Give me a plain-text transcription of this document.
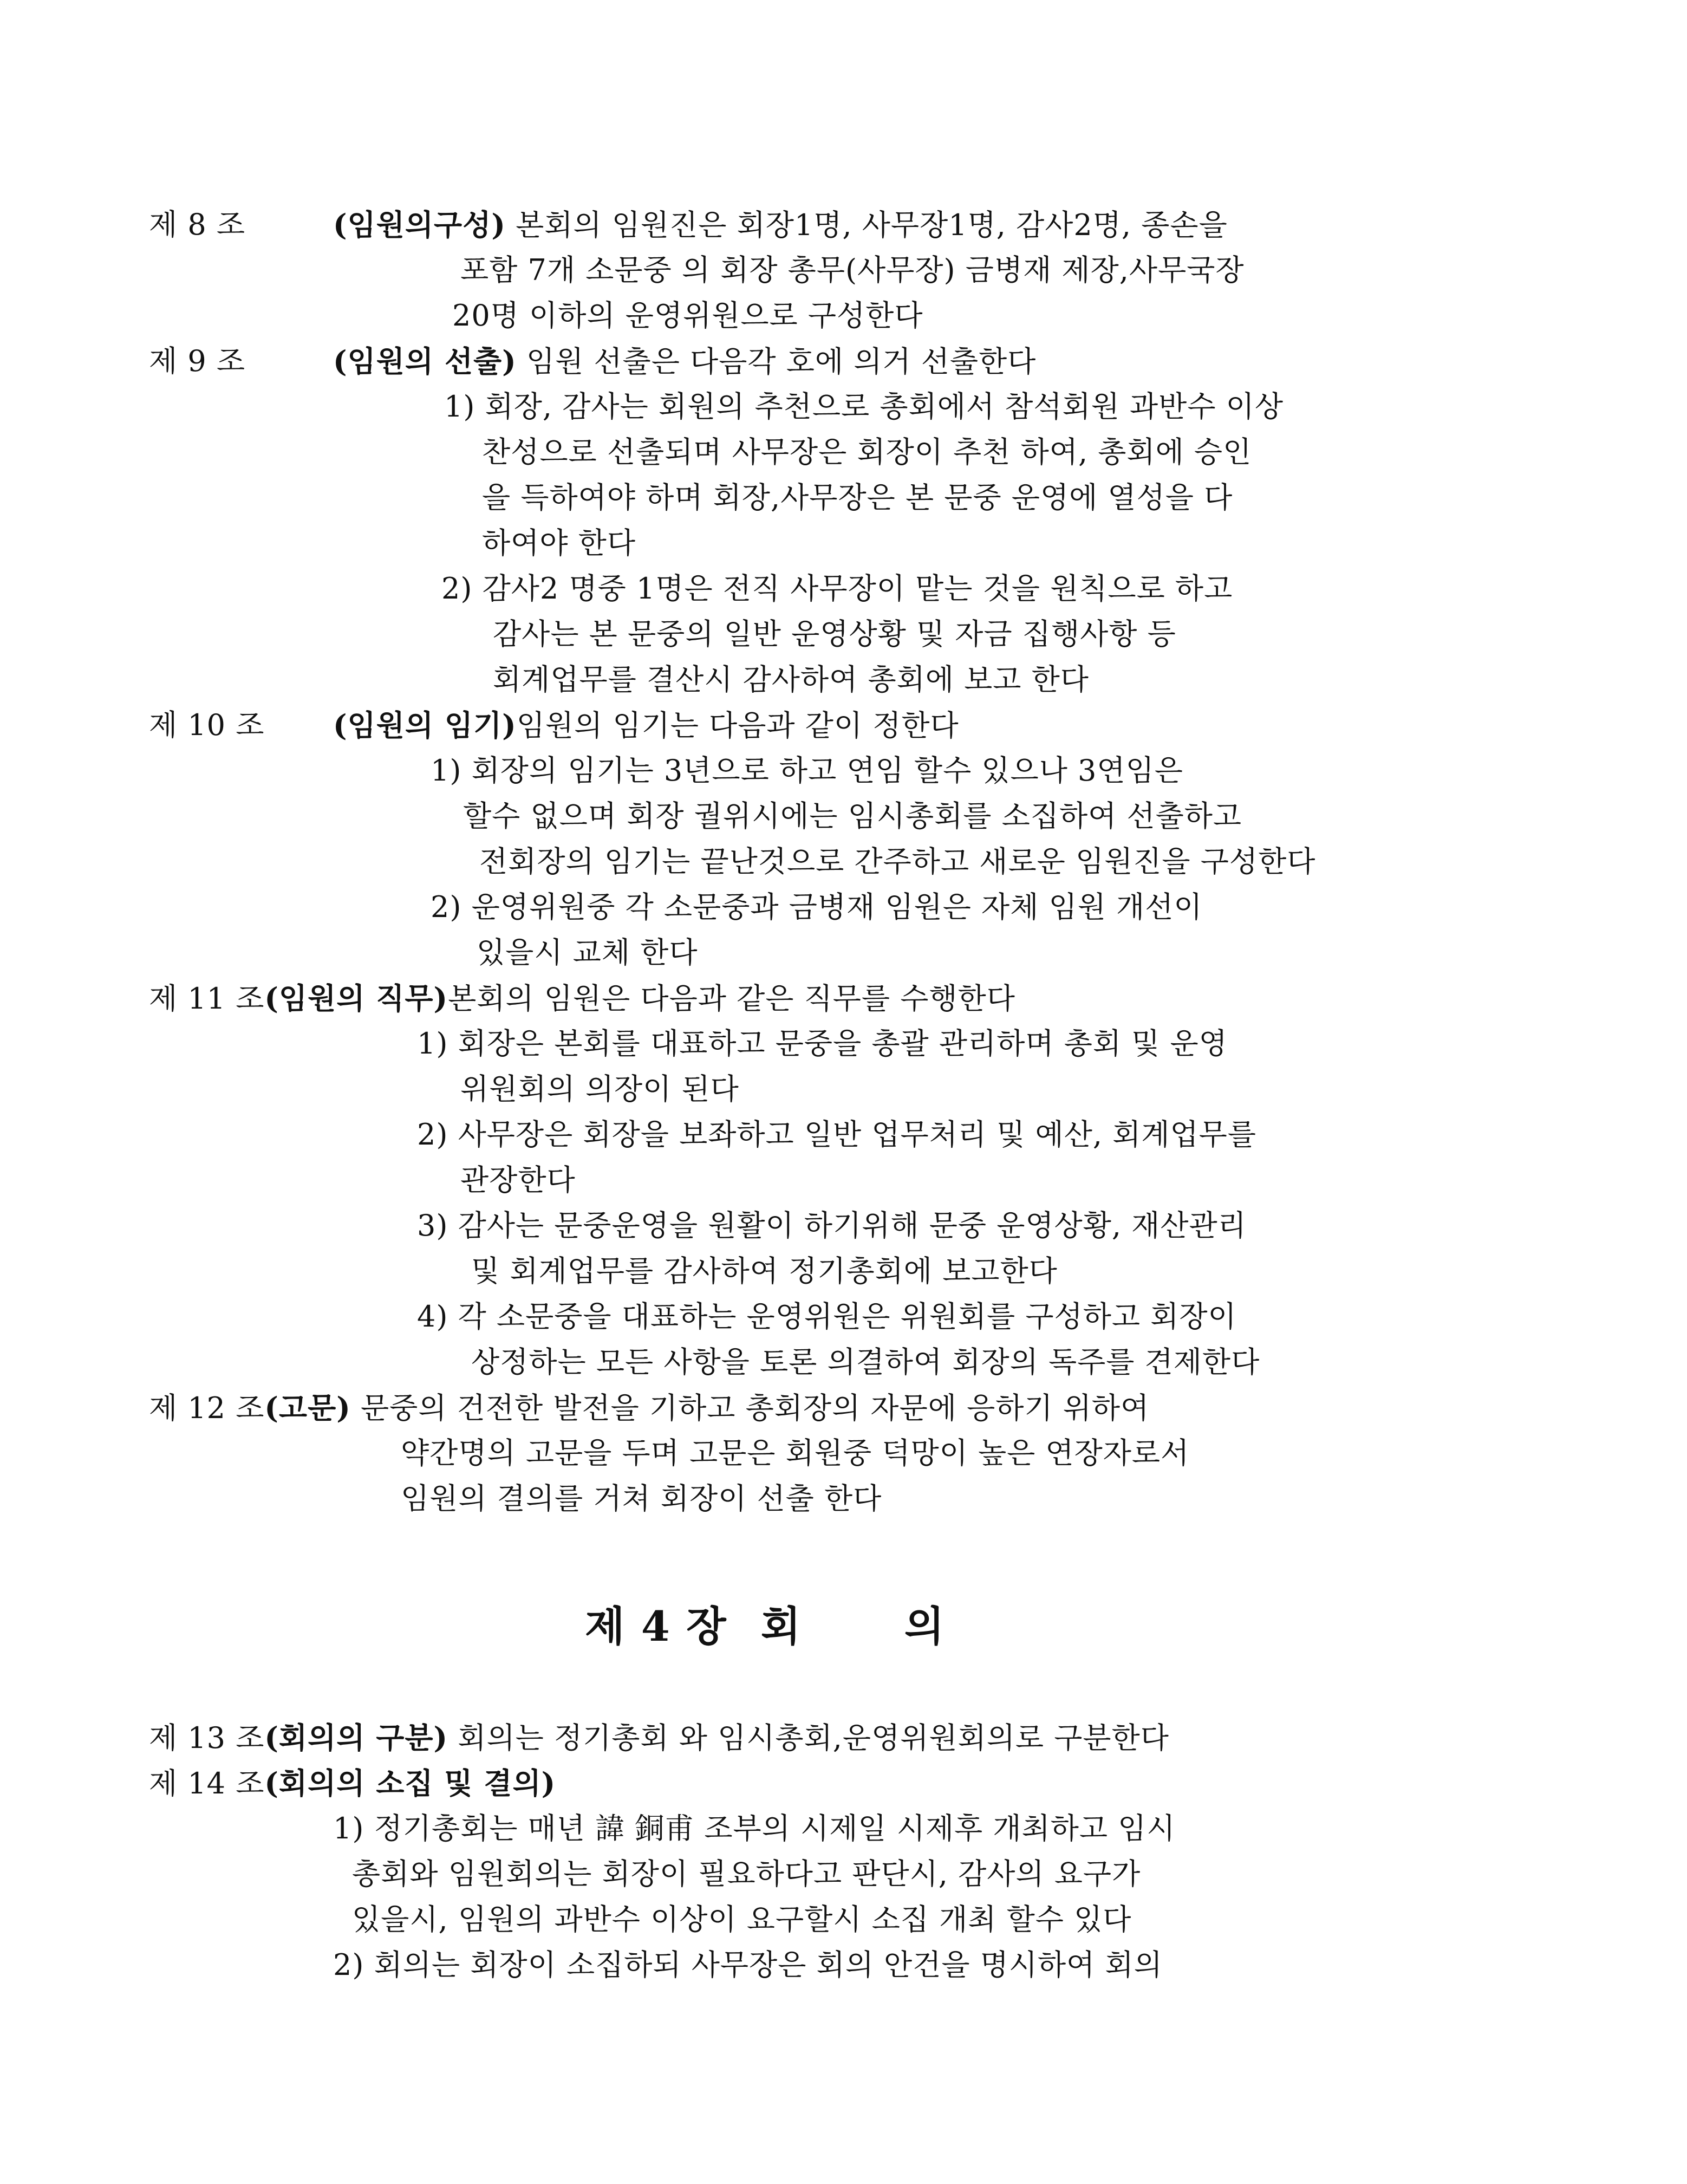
제 8 조	(임원의구성) 본회의 임원진은 회장1명, 사무장1명, 감사2명, 종손을
포함 7개 소문중 의 회장 총무(사무장) 금병재 제장,사무국장
20명 이하의 운영위원으로 구성한다
제 9 조	(임원의 선출) 임원 선출은 다음각 호에 의거 선출한다
1) 회장, 감사는 회원의 추천으로 총회에서 참석회원 과반수 이상
찬성으로 선출되며 사무장은 회장이 추천 하여, 총회에 승인
을 득하여야 하며 회장,사무장은 본 문중 운영에 열성을 다
하여야 한다
2) 감사2 명중 1명은 전직 사무장이 맡는 것을 원칙으로 하고
감사는 본 문중의 일반 운영상황 및 자금 집행사항 등
회계업무를 결산시 감사하여 총회에 보고 한다
제 10 조 (임원의 임기)임원의 임기는 다음과 같이 정한다
1) 회장의 임기는 3년으로 하고 연임 할수 있으나 3연임은
할수 없으며 회장 궐위시에는 임시총회를 소집하여 선출하고
전회장의 임기는 끝난것으로 간주하고 새로운 임원진을 구성한다
2) 운영위원중 각 소문중과 금병재 임원은 자체 임원 개선이
있을시 교체 한다
제 11 조(임원의 직무)본회의 임원은 다음과 같은 직무를 수행한다
1) 회장은 본회를 대표하고 문중을 총괄 관리하며 총회 및 운영
위원회의 의장이 된다
2) 사무장은 회장을 보좌하고 일반 업무처리 및 예산, 회계업무를
관장한다
3) 감사는 문중운영을 원활이 하기위해 문중 운영상황, 재산관리
및 회계업무를 감사하여 정기총회에 보고한다
4) 각 소문중을 대표하는 운영위원은 위원회를 구성하고 회장이
상정하는 모든 사항을 토론 의결하여 회장의 독주를 견제한다
제 12 조(고문) 문중의 건전한 발전을 기하고 총회장의 자문에 응하기 위하여
약간명의 고문을 두며 고문은 회원중 덕망이 높은 연장자로서
임원의 결의를 거쳐 회장이 선출 한다
제 4 장 회 의
제 13 조(회의의 구분) 회의는 정기총회 와 임시총회,운영위원회의로 구분한다
제 14 조(회의의 소집 및 결의)
1) 정기총회는 매년 諱 銅甫 조부의 시제일 시제후 개최하고 임시
총회와 임원회의는 회장이 필요하다고 판단시, 감사의 요구가
있을시, 임원의 과반수 이상이 요구할시 소집 개최 할수 있다
2) 회의는 회장이 소집하되 사무장은 회의 안건을 명시하여 회의
